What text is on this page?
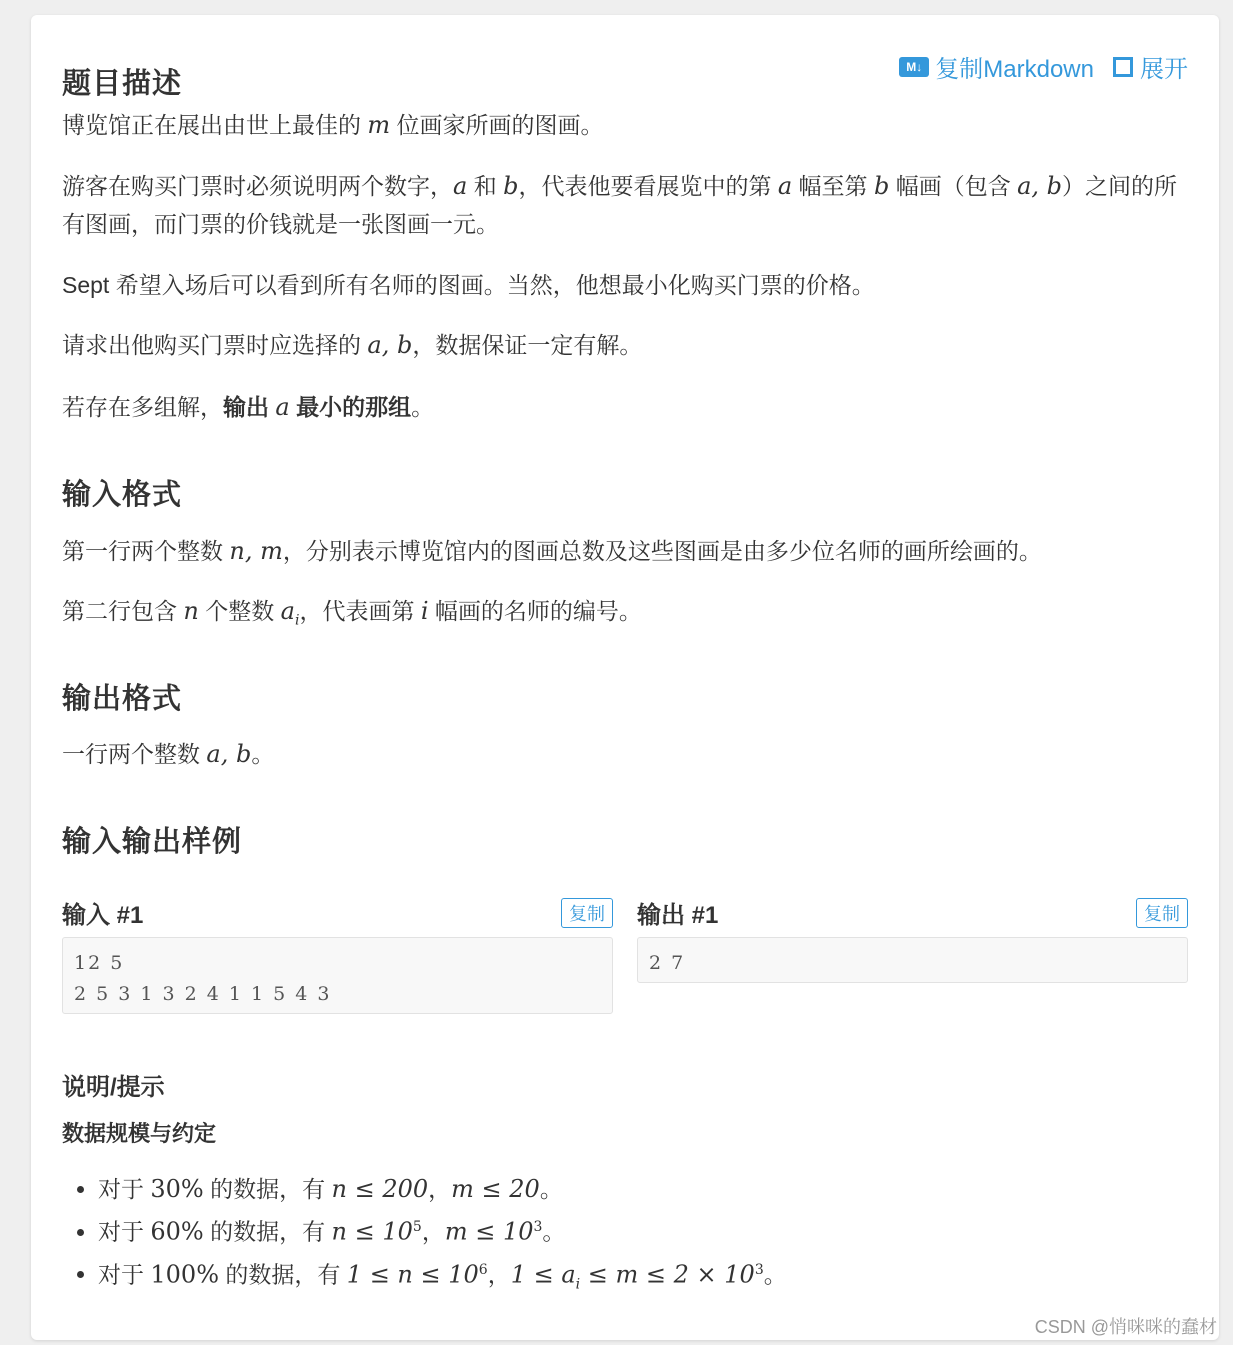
题目描述
M↓ 复制Markdown 展开

博览馆正在展出由世上最佳的 m 位画家所画的图画。

游客在购买门票时必须说明两个数字，a 和 b，代表他要看展览中的第 a 幅至第 b 幅画（包含 a, b）之间的所有图画，而门票的价钱就是一张图画一元。

Sept 希望入场后可以看到所有名师的图画。当然，他想最小化购买门票的价格。

请求出他购买门票时应选择的 a, b，数据保证一定有解。

若存在多组解，输出 a 最小的那组。

输入格式

第一行两个整数 n, m，分别表示博览馆内的图画总数及这些图画是由多少位名师的画所绘画的。

第二行包含 n 个整数 $a_i$，代表画第 i 幅画的名师的编号。

输出格式

一行两个整数 a, b。

输入输出样例
输入 #1	复制	输出 #1	复制
12 5
2 5 3 1 3 2 4 1 1 5 4 3
2 7
说明/提示
数据规模与约定
• 对于 30% 的数据，有 n ≤ 200，m ≤ 20。
• 对于 60% 的数据，有 $n \le 10^5$，$m \le 10^3$。
• 对于 100% 的数据，有 $1 \le n \le 10^6$，$1 \le a_i \le m \le 2 \times 10^3$。
CSDN @悄咪咪的蠢材
